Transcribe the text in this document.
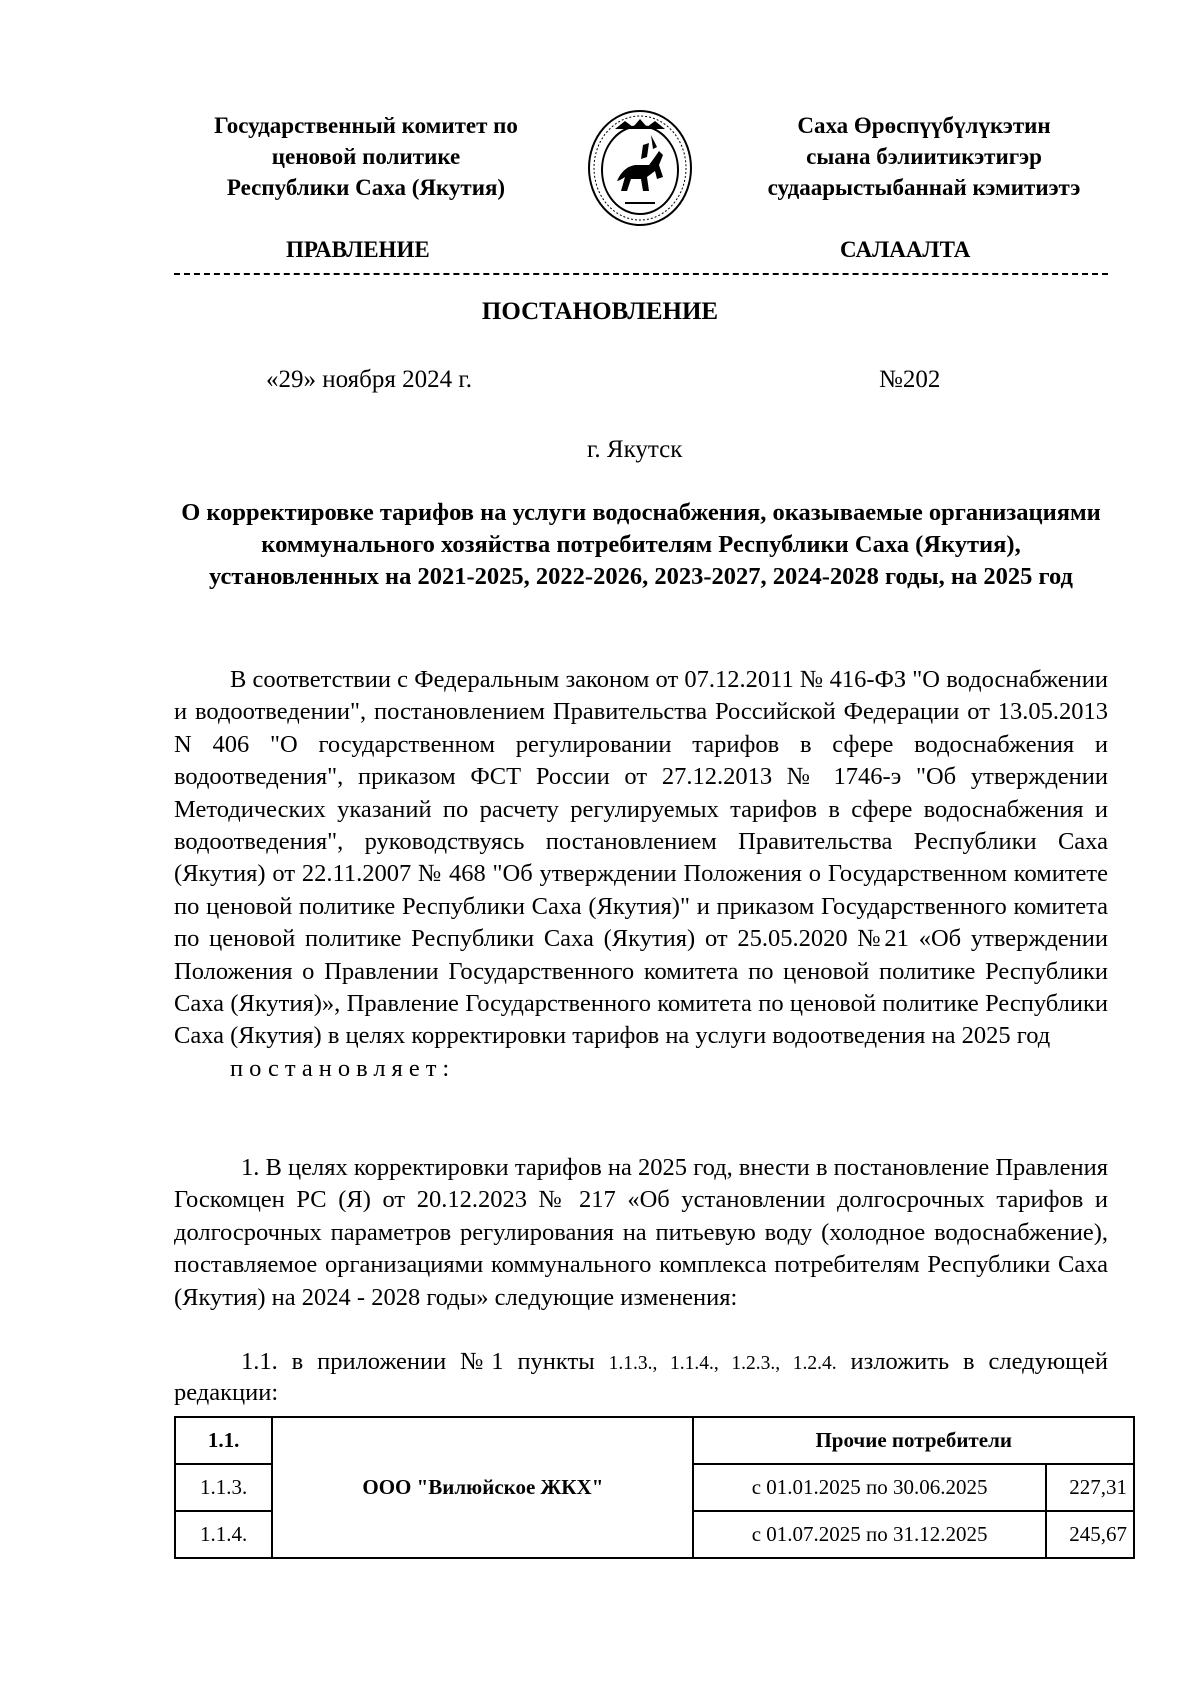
Государственный комитет по
ценовой политике
Республики Саха (Якутия)
Саха Өрөспүүбүлүкэтин
сыана бэлиитикэтигэр
судаарыстыбаннай кэмитиэтэ
ПРАВЛЕНИЕ	САЛААЛТА
ПОСТАНОВЛЕНИЕ
«29» ноября 2024 г.	№202
г. Якутск
О корректировке тарифов на услуги водоснабжения, оказываемые организациями коммунального хозяйства потребителям Республики Саха (Якутия), установленных на 2021-2025, 2022-2026, 2023-2027, 2024-2028 годы, на 2025 год
В соответствии с Федеральным законом от 07.12.2011 № 416-ФЗ "О водоснабжении и водоотведении", постановлением Правительства Российской Федерации от 13.05.2013 N 406 "О государственном регулировании тарифов в сфере водоснабжения и водоотведения", приказом ФСТ России от 27.12.2013 № 1746-э "Об утверждении Методических указаний по расчету регулируемых тарифов в сфере водоснабжения и водоотведения", руководствуясь постановлением Правительства Республики Саха (Якутия) от 22.11.2007 № 468 "Об утверждении Положения о Государственном комитете по ценовой политике Республики Саха (Якутия)" и приказом Государственного комитета по ценовой политике Республики Саха (Якутия) от 25.05.2020 №21 «Об утверждении Положения о Правлении Государственного комитета по ценовой политике Республики Саха (Якутия)», Правление Государственного комитета по ценовой политике Республики Саха (Якутия) в целях корректировки тарифов на услуги водоотведения на 2025 год
постановляет:
1. В целях корректировки тарифов на 2025 год, внести в постановление Правления Госкомцен РС (Я) от 20.12.2023 № 217 «Об установлении долгосрочных тарифов и долгосрочных параметров регулирования на питьевую воду (холодное водоснабжение), поставляемое организациями коммунального комплекса потребителям Республики Саха (Якутия) на 2024 - 2028 годы» следующие изменения:
1.1. в приложении №1 пункты 1.1.3., 1.1.4., 1.2.3., 1.2.4. изложить в следующей редакции:
1.1.	ООО "Вилюйское ЖКХ"	Прочие потребители	
1.1.3.		с 01.01.2025 по 30.06.2025	227,31
1.1.4.		с 01.07.2025 по 31.12.2025	245,67
